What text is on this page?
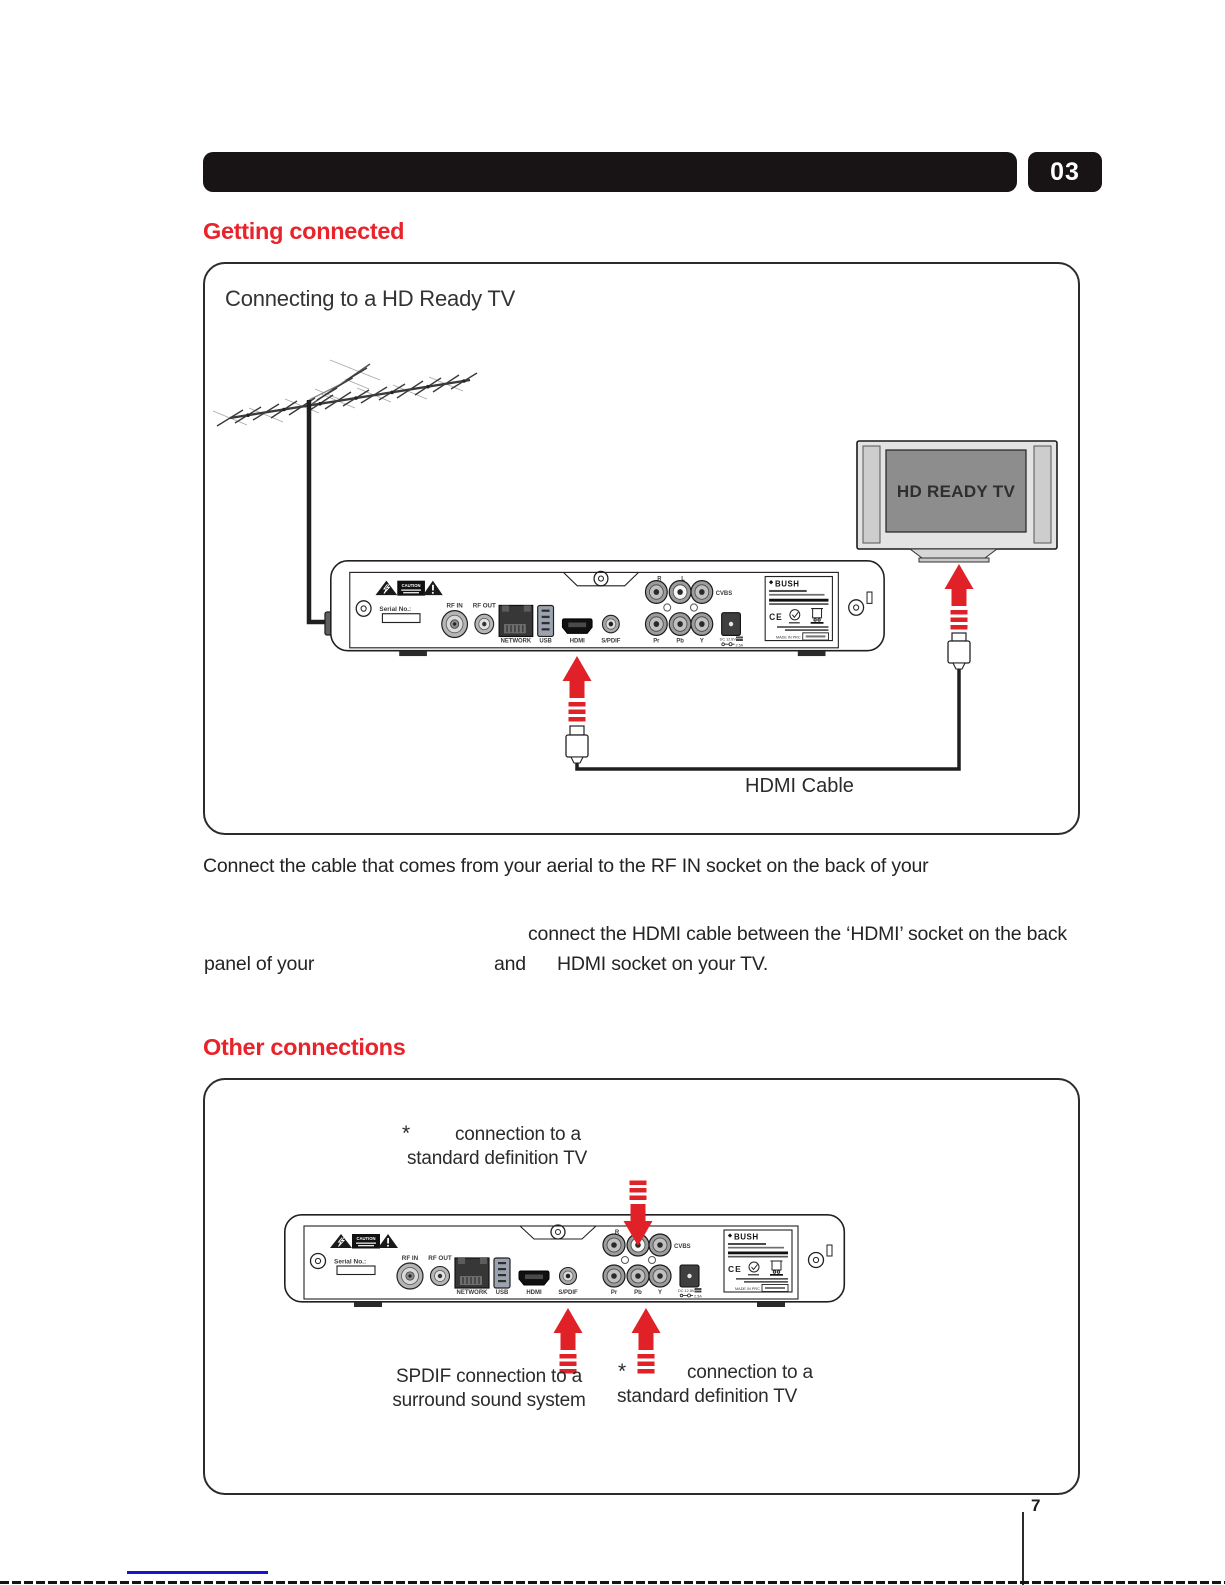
03
Getting connected
Connecting to a HD Ready TV
HD READY TV
HDMI Cable
Connect the cable that comes from your aerial to the RF IN socket on the back of your
connect the HDMI cable between the ‘HDMI’ socket on the back
panel of your	and HDMI socket on your TV.
Other connections
* connection to a
standard definition TV
SPDIF connection to a
surround sound system
*	connection to a
standard definition TV
7
